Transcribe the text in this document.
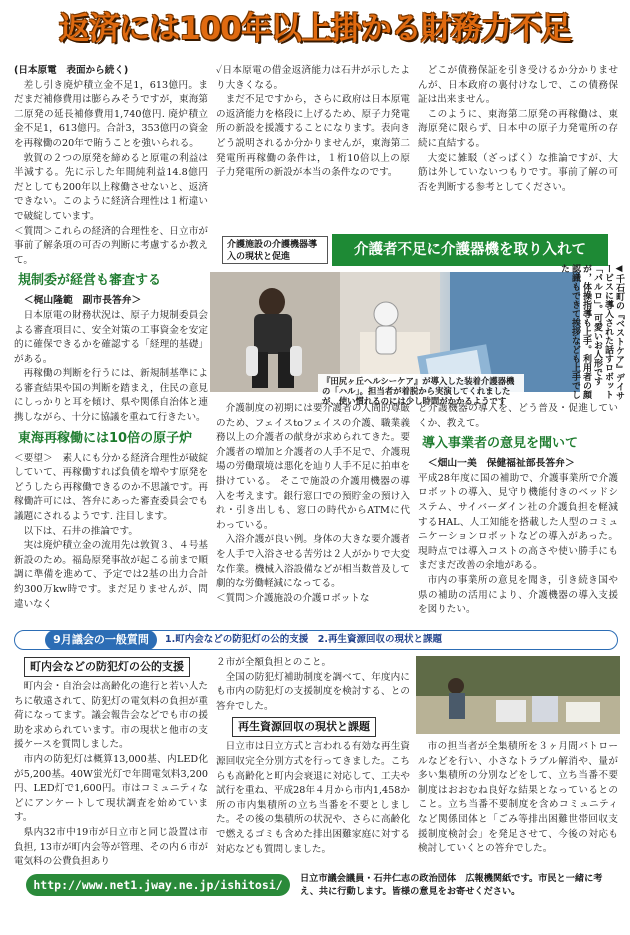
返済には100年以上掛かる財務力不足

(日本原電　表面から続く)

差し引き廃炉積立金不足1，613億円。まだまだ補修費用は膨らみそうですが，東海第二原発の延長補修費用1,740億円. 廃炉積立金不足1，613億円。合計3，353億円の資金を再稼働の20年で賄うことを強いられる。

敦賀の２つの原発を締めると原電の利益は半減する。先に示した年間純利益14.8億円だとしても200年以上稼働させないと、返済できない。このように経済合理性は１桁違いで破綻しています。

＜質問＞これらの経済的合理性を、日立市が事前了解条項の可否の判断に考慮するか教えて。

規制委が経営も審査する

＜梶山隆範　副市長答弁＞

日本原電の財務状況は、原子力規制委員会よる審査項目に、安全対策の工事資金を安定的に確保できるかを確認する「経理的基礎」がある。

再稼働の判断を行うには、新規制基準による審査結果や国の判断を踏まえ，住民の意見にしっかりと耳を傾け、県や関係自治体と連携しながら、十分に協議を重ねて行きたい。

東海再稼働には10倍の原子炉

＜要望＞　素人にも分かる経済合理性が破綻していて、再稼働すれば負債を増やす原発をどうしたら再稼働できるのか不思議です。再稼働許可には、答弁にあった審査委員会でも議題にされるようです. 注目します。

以下は、石井の推論です。

実は廃炉積立金の流用先は敦賀３、４号基新設のため。福島原発事故が起こる前まで順調に準備を進めて、予定では2基の出力合計約300万kw時です。まだ足りませんが、問違いなく

✓日本原電の借金返済能力は石井が示したより大きくなる。

まだ不足ですから，さらに政府は日本原電の返済能力を格段に上げるため、原子力発電所の新設を援護することになります。表向きどう説明されるか分かりませんが，東海第二発電所再稼働の条件は，１桁10倍以上の原子力発電所の新設が本当の条件なのです。

どこが債務保証を引き受けるか分かりませんが、日本政府の裏付けなしで、この債務保証は出来ません。

このように、東海第二原発の再稼働は、東海原発に限らず、日本中の原子力発電所の存続に直結する。

大変に雑駁（ざっぱく）な推論ですが、大筋は外していないつもりです。事前了解の可否を判断する参考としてください。

介護施設の介護機器導入の現状と促進	介護者不足に介護器機を取り入れて
◀千石町の『ベストケア』デイサービスに導入された話すロボット「パルロ」。可愛いお人形ですが，体操指導も上手。利用者の顔認識もできて挨拶なども上手でした
『田尻ヶ丘ヘルシーケア』が導入した装着介護器機の「ハル」。担当者が着脱から実演してくれましたが、使い慣れるのには少し時間がかかるようです

介護制度の初期には要介護者の人間的尊厳のため、フェイスtoフェイスの介護、職業義務以上の介護者の献身が求められてきた。要介護者の増加と介護者の人手不足で、介護現場の労働環境は悪化を辿り人手不足に拍車を掛けている。 そこで施設の介護用機器の導入を考えます。銀行窓口での預貯金の預け入れ・引き出しも、窓口の時代からATMに代わっている。

入浴介護が良い例。身体の大きな要介護者を人手で入浴させる苦労は２人がかりで大変な作業。機械入浴設備などが相当数普及して劇的な労働軽減になってる。

＜質問＞介護施設の介護ロボットな

ど介護機器の導入を、どう普及・促進していくか、教えて。

導入事業者の意見を聞いて

＜畑山一美　保健福祉部長答弁＞

平成28年度に国の補助で、介護事業所で介護ロボットの導入、見守り機能付きのベッドシステム、サイバーダイン社の介護負担を軽減するHAL、人工知能を搭載した人型のコミュニケーションロボットなどの導入があった。現時点では導入コストの高さや使い勝手にもまだまだ改善の余地がある。

市内の事業所の意見を聞き，引き続き国や県の補助の活用により、介護機器の導入支援を図りたい。

9月議会の一般質問	1.町内会などの防犯灯の公的支援　2.再生資源回収の現状と課題
町内会などの防犯灯の公的支援

町内会・自治会は高齢化の進行と若い人たちに敬遠されて、防犯灯の電気料の負担が重荷になってます。議会報告会などでも市の援助を求められています。市の現状と他市の支援ケースを質問しました。

市内の防犯灯は概算13,000基、内LED化が5,200基。40W蛍光灯で年間電気料3,200円、LED灯で1,600円。市はコミュニティなどにアンケートして現状調査を始めています。

県内32市中19市が日立市と同じ設置は市負担, 13市が町内会等が管理、その内６市が電気料の公費負担あり

２市が全額負担とのこと。

全国の防犯灯補助制度を調べて、年度内にも市内の防犯灯の支援制度を検討する、との答弁でした。

再生資源回収の現状と課題

日立市は日立方式と言われる有効な再生資源回収完全分別方式を行ってきました。こちらも高齢化と町内会衰退に対応して、工夫や試行を重ね、平成28年４月から市内1,458か所の市内集積所の立ち当番を不要としました。その後の集積所の状況や、さらに高齢化で燃えるゴミも含めた排出困難家庭に対する対応なども質問しました。

市の担当者が全集積所を３ヶ月間パトロールなどを行い、小さなトラブル解消や、量が多い集積所の分別などをして、立ち当番不要制度はおおむね良好な結果となっているとのこと。立ち当番不要制度を含めコミュニティなど関係団体と「ごみ等排出困難世帯回収支援制度検討会」を発足させて、今後の対応も検討していくとの答弁でした。

http://www.net1.jway.ne.jp/ishitosi/	日立市議会議員・石井仁志の政治団体　広報機関紙です。市民と一緒に考え、共に行動します。皆様の意見をお寄せください。
